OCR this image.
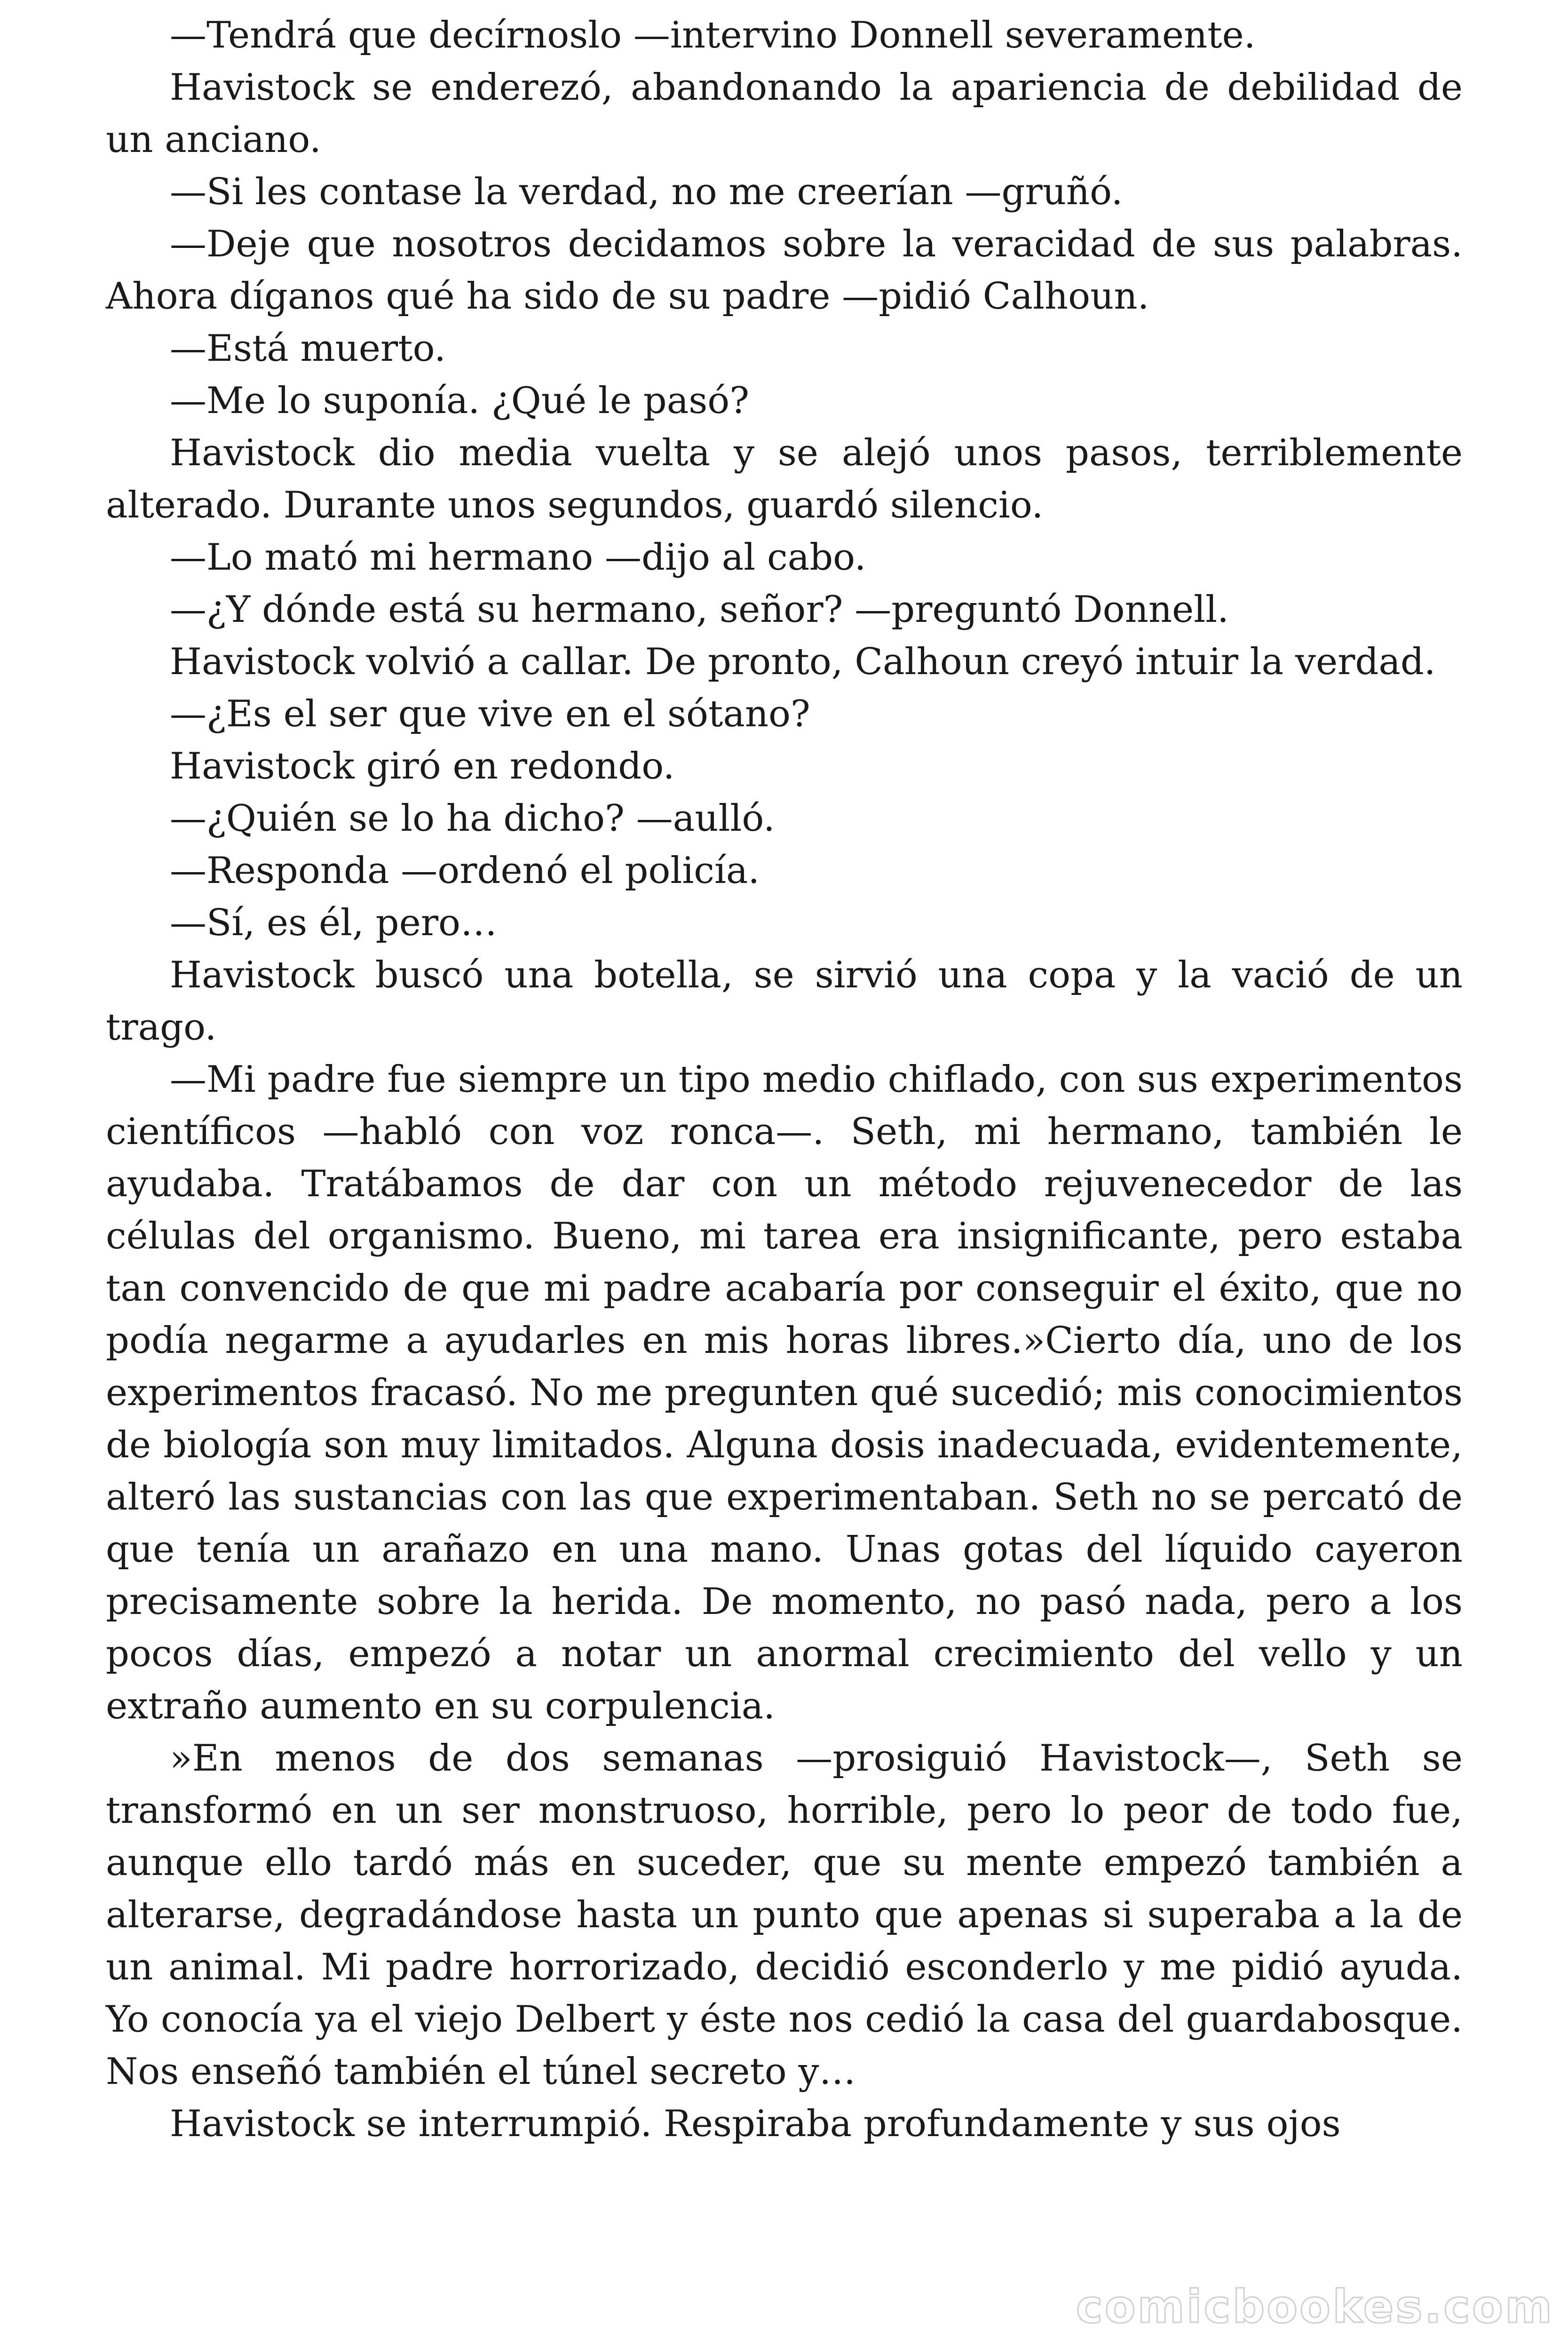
—Tendrá que decírnoslo —intervino Donnell severamente.

Havistock se enderezó, abandonando la apariencia de debilidad de un anciano.

—Si les contase la verdad, no me creerían —gruñó.

—Deje que nosotros decidamos sobre la veracidad de sus palabras. Ahora díganos qué ha sido de su padre —pidió Calhoun.

—Está muerto.

—Me lo suponía. ¿Qué le pasó?

Havistock dio media vuelta y se alejó unos pasos, terriblemente alterado. Durante unos segundos, guardó silencio.

—Lo mató mi hermano —dijo al cabo.

—¿Y dónde está su hermano, señor? —preguntó Donnell.

Havistock volvió a callar. De pronto, Calhoun creyó intuir la verdad.

—¿Es el ser que vive en el sótano?

Havistock giró en redondo.

—¿Quién se lo ha dicho? —aulló.

—Responda —ordenó el policía.

—Sí, es él, pero…

Havistock buscó una botella, se sirvió una copa y la vació de un trago.

—Mi padre fue siempre un tipo medio chiflado, con sus experimentos científicos —habló con voz ronca—. Seth, mi hermano, también le ayudaba. Tratábamos de dar con un método rejuvenecedor de las células del organismo. Bueno, mi tarea era insignificante, pero estaba tan convencido de que mi padre acabaría por conseguir el éxito, que no podía negarme a ayudarles en mis horas libres.»Cierto día, uno de los experimentos fracasó. No me pregunten qué sucedió; mis conocimientos de biología son muy limitados. Alguna dosis inadecuada, evidentemente, alteró las sustancias con las que experimentaban. Seth no se percató de que tenía un arañazo en una mano. Unas gotas del líquido cayeron precisamente sobre la herida. De momento, no pasó nada, pero a los pocos días, empezó a notar un anormal crecimiento del vello y un extraño aumento en su corpulencia.

»En menos de dos semanas —prosiguió Havistock—, Seth se transformó en un ser monstruoso, horrible, pero lo peor de todo fue, aunque ello tardó más en suceder, que su mente empezó también a alterarse, degradándose hasta un punto que apenas si superaba a la de un animal. Mi padre horrorizado, decidió esconderlo y me pidió ayuda. Yo conocía ya el viejo Delbert y éste nos cedió la casa del guardabosque. Nos enseñó también el túnel secreto y…

Havistock se interrumpió. Respiraba profundamente y sus ojos

comicbookes.com
